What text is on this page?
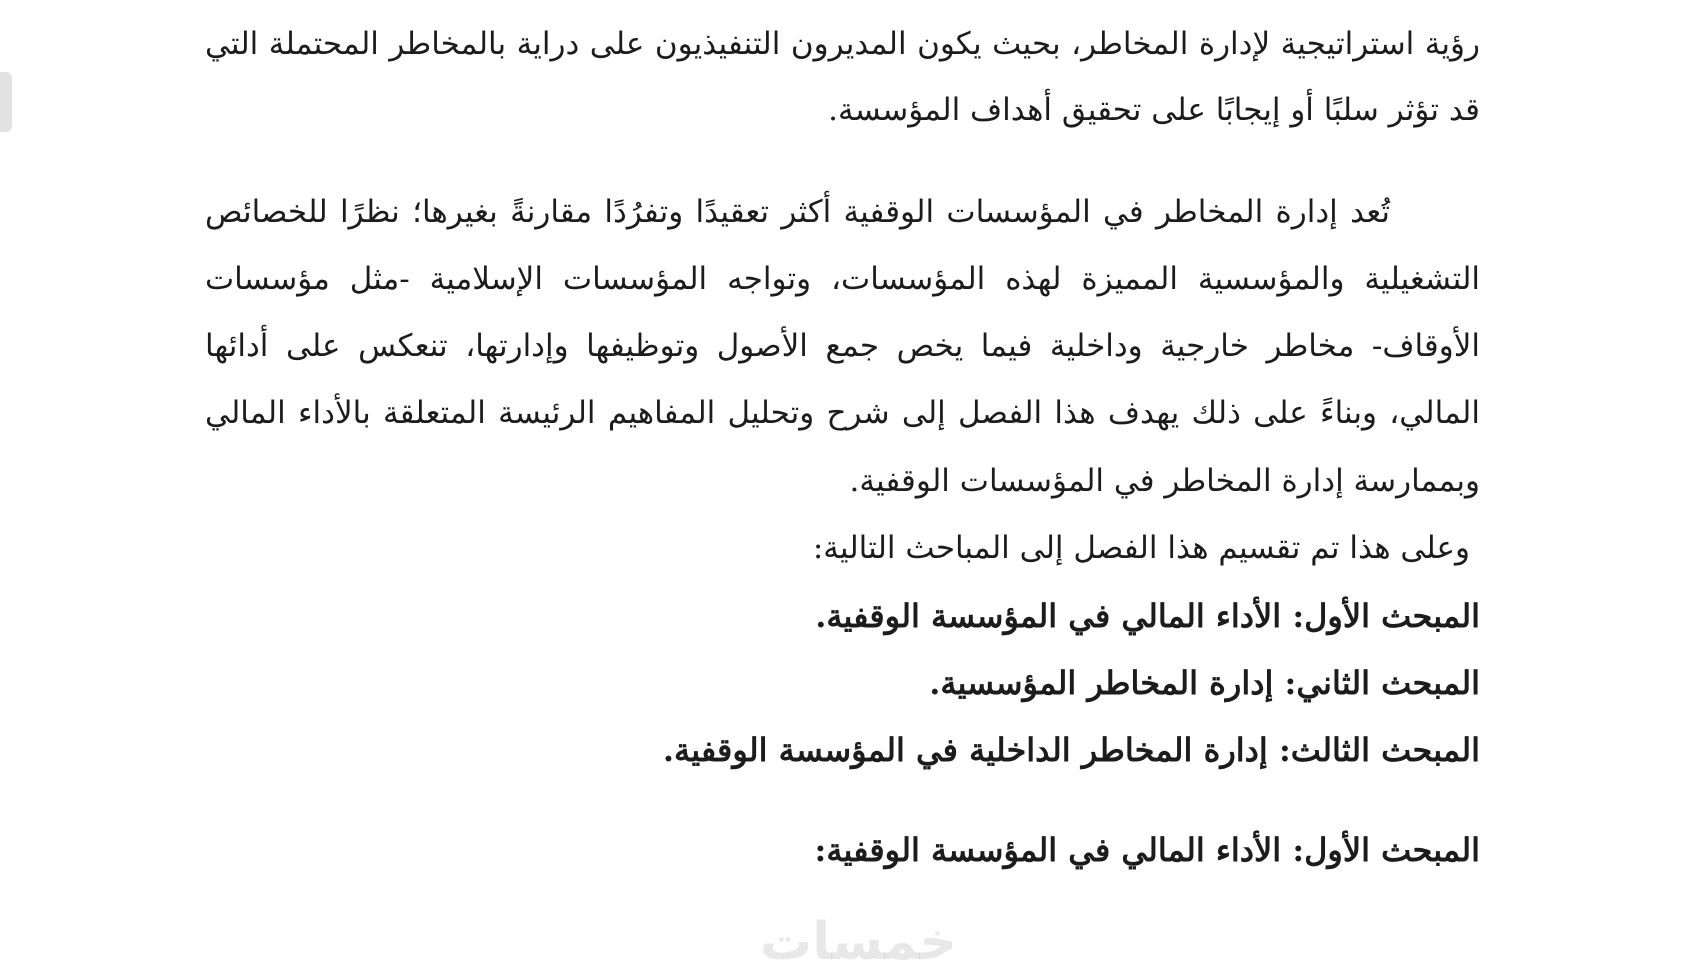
رؤية استراتيجية لإدارة المخاطر، بحيث يكون المديرون التنفيذيون على دراية بالمخاطر المحتملة التي
قد تؤثر سلبًا أو إيجابًا على تحقيق أهداف المؤسسة.
تُعد إدارة المخاطر في المؤسسات الوقفية أكثر تعقيدًا وتفرُدًا مقارنةً بغيرها؛ نظرًا للخصائص
التشغيلية والمؤسسية المميزة لهذه المؤسسات، وتواجه المؤسسات الإسلامية -مثل مؤسسات
الأوقاف- مخاطر خارجية وداخلية فيما يخص جمع الأصول وتوظيفها وإدارتها، تنعكس على أدائها
المالي، وبناءً على ذلك يهدف هذا الفصل إلى شرح وتحليل المفاهيم الرئيسة المتعلقة بالأداء المالي
وبممارسة إدارة المخاطر في المؤسسات الوقفية.
وعلى هذا تم تقسيم هذا الفصل إلى المباحث التالية:
المبحث الأول: الأداء المالي في المؤسسة الوقفية.
المبحث الثاني: إدارة المخاطر المؤسسية.
المبحث الثالث: إدارة المخاطر الداخلية في المؤسسة الوقفية.
المبحث الأول: الأداء المالي في المؤسسة الوقفية:
خمسات
